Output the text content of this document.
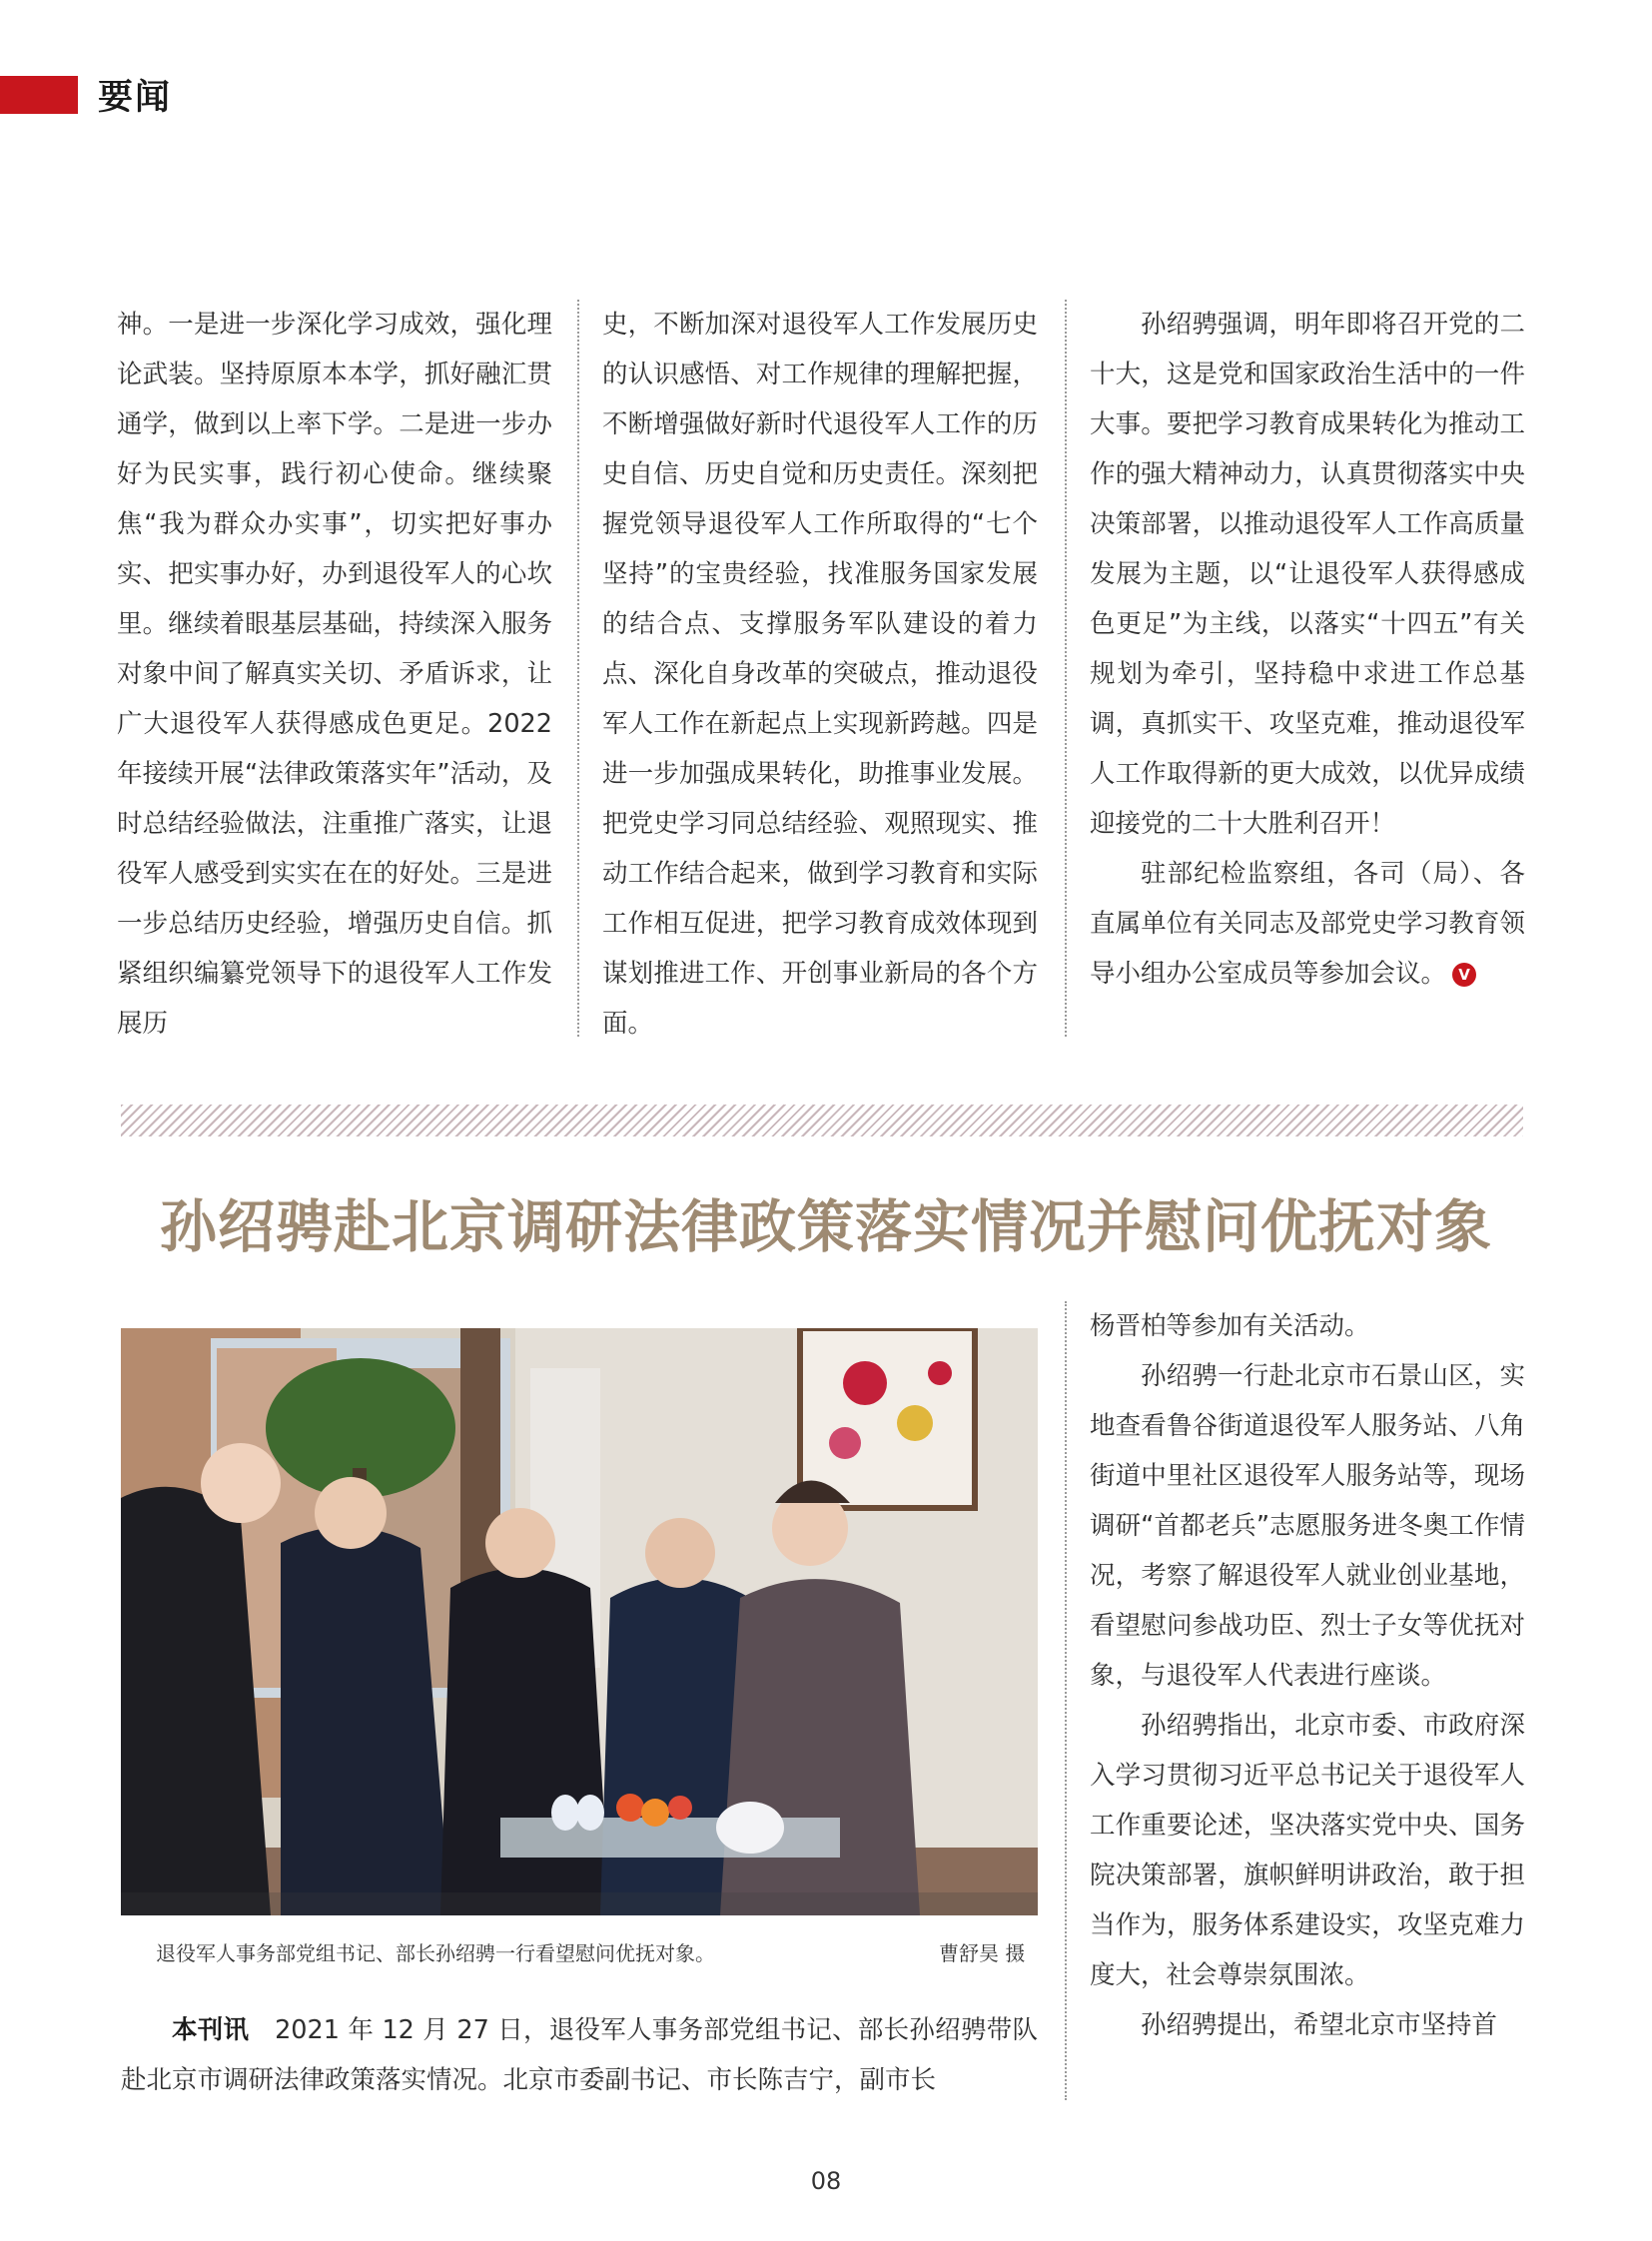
要闻

神。一是进一步深化学习成效，强化理论武装。坚持原原本本学，抓好融汇贯通学，做到以上率下学。二是进一步办好为民实事，践行初心使命。继续聚焦“我为群众办实事”，切实把好事办实、把实事办好，办到退役军人的心坎里。继续着眼基层基础，持续深入服务对象中间了解真实关切、矛盾诉求，让广大退役军人获得感成色更足。2022 年接续开展“法律政策落实年”活动，及时总结经验做法，注重推广落实，让退役军人感受到实实在在的好处。三是进一步总结历史经验，增强历史自信。抓紧组织编纂党领导下的退役军人工作发展历

史，不断加深对退役军人工作发展历史的认识感悟、对工作规律的理解把握，不断增强做好新时代退役军人工作的历史自信、历史自觉和历史责任。深刻把握党领导退役军人工作所取得的“七个坚持”的宝贵经验，找准服务国家发展的结合点、支撑服务军队建设的着力点、深化自身改革的突破点，推动退役军人工作在新起点上实现新跨越。四是进一步加强成果转化，助推事业发展。把党史学习同总结经验、观照现实、推动工作结合起来，做到学习教育和实际工作相互促进，把学习教育成效体现到谋划推进工作、开创事业新局的各个方面。

孙绍骋强调，明年即将召开党的二十大，这是党和国家政治生活中的一件大事。要把学习教育成果转化为推动工作的强大精神动力，认真贯彻落实中央决策部署，以推动退役军人工作高质量发展为主题，以“让退役军人获得感成色更足”为主线，以落实“十四五”有关规划为牵引，坚持稳中求进工作总基调，真抓实干、攻坚克难，推动退役军人工作取得新的更大成效，以优异成绩迎接党的二十大胜利召开！

驻部纪检监察组，各司（局）、各直属单位有关同志及部党史学习教育领导小组办公室成员等参加会议。 V

孙绍骋赴北京调研法律政策落实情况并慰问优抚对象
退役军人事务部党组书记、部长孙绍骋一行看望慰问优抚对象。	曹舒昊 摄

本刊讯　 2021 年 12 月 27 日，退役军人事务部党组书记、部长孙绍骋带队赴北京市调研法律政策落实情况。北京市委副书记、市长陈吉宁，副市长

杨晋柏等参加有关活动。

孙绍骋一行赴北京市石景山区，实地查看鲁谷街道退役军人服务站、八角街道中里社区退役军人服务站等，现场调研“首都老兵”志愿服务进冬奥工作情况，考察了解退役军人就业创业基地，看望慰问参战功臣、烈士子女等优抚对象，与退役军人代表进行座谈。

孙绍骋指出，北京市委、市政府深入学习贯彻习近平总书记关于退役军人工作重要论述，坚决落实党中央、国务院决策部署，旗帜鲜明讲政治，敢于担当作为，服务体系建设实，攻坚克难力度大，社会尊崇氛围浓。

孙绍骋提出，希望北京市坚持首

08
